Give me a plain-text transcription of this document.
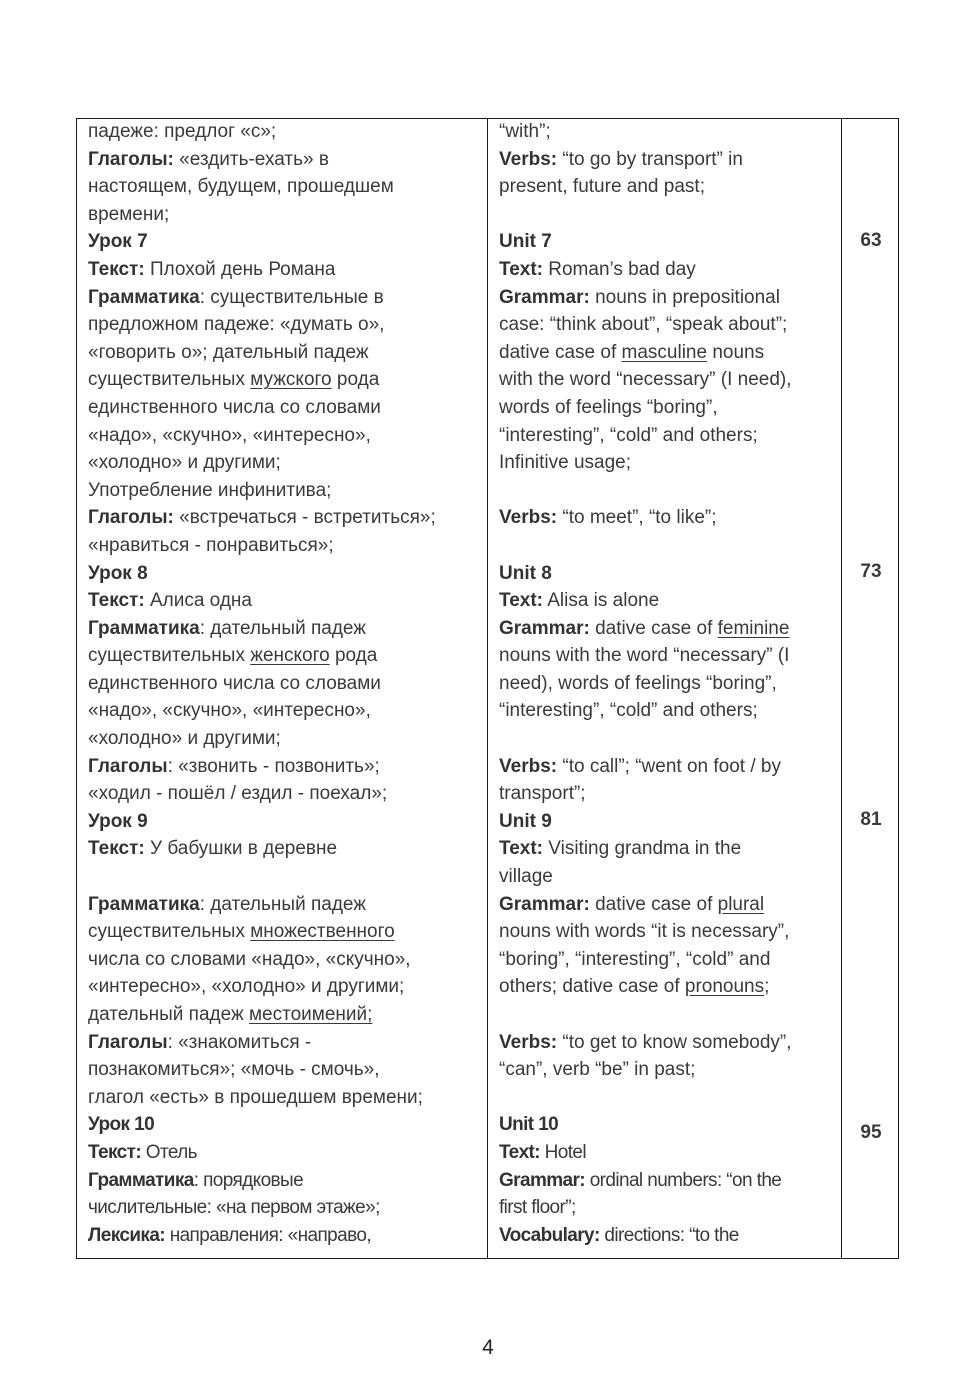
падеже: предлог «с»;
Глаголы: «ездить-ехать» в
настоящем, будущем, прошедшем
времени;
Урок 7
Текст: Плохой день Романа
Грамматика: существительные в
предложном падеже: «думать о»,
«говорить о»; дательный падеж
существительных мужского рода
единственного числа со словами
«надо», «скучно», «интересно»,
«холодно» и другими;
Употребление инфинитива;
Глаголы: «встречаться - встретиться»;
«нравиться - понравиться»;
Урок 8
Текст: Алиса одна
Грамматика: дательный падеж
существительных женского рода
единственного числа со словами
«надо», «скучно», «интересно»,
«холодно» и другими;
Глаголы: «звонить - позвонить»;
«ходил - пошёл / ездил - поехал»;
Урок 9
Текст: У бабушки в деревне
Грамматика: дательный падеж
существительных множественного
числа со словами «надо», «скучно»,
«интересно», «холодно» и другими;
дательный падеж местоимений;
Глаголы: «знакомиться -
познакомиться»; «мочь - смочь»,
глагол «есть» в прошедшем времени;
Урок 10
Текст: Отель
Грамматика: порядковые
числительные: «на первом этаже»;
Лексика: направления: «направо,
“with”;
Verbs: “to go by transport” in
present, future and past;
Unit 7
Text: Roman’s bad day
Grammar: nouns in prepositional
case: “think about”, “speak about”;
dative case of masculine nouns
with the word “necessary” (I need),
words of feelings “boring”,
“interesting”, “cold” and others;
Infinitive usage;
Verbs: “to meet”, “to like”;
Unit 8
Text: Alisa is alone
Grammar: dative case of feminine
nouns with the word “necessary” (I
need), words of feelings “boring”,
“interesting”, “cold” and others;
Verbs: “to call”; “went on foot / by
transport”;
Unit 9
Text: Visiting grandma in the
village
Grammar: dative case of plural
nouns with words “it is necessary”,
“boring”, “interesting”, “cold” and
others; dative case of pronouns;
Verbs: “to get to know somebody”,
“can”, verb “be” in past;
Unit 10
Text: Hotel
Grammar: ordinal numbers: “on the
first floor”;
Vocabulary: directions: “to the
63
73
81
95
4
